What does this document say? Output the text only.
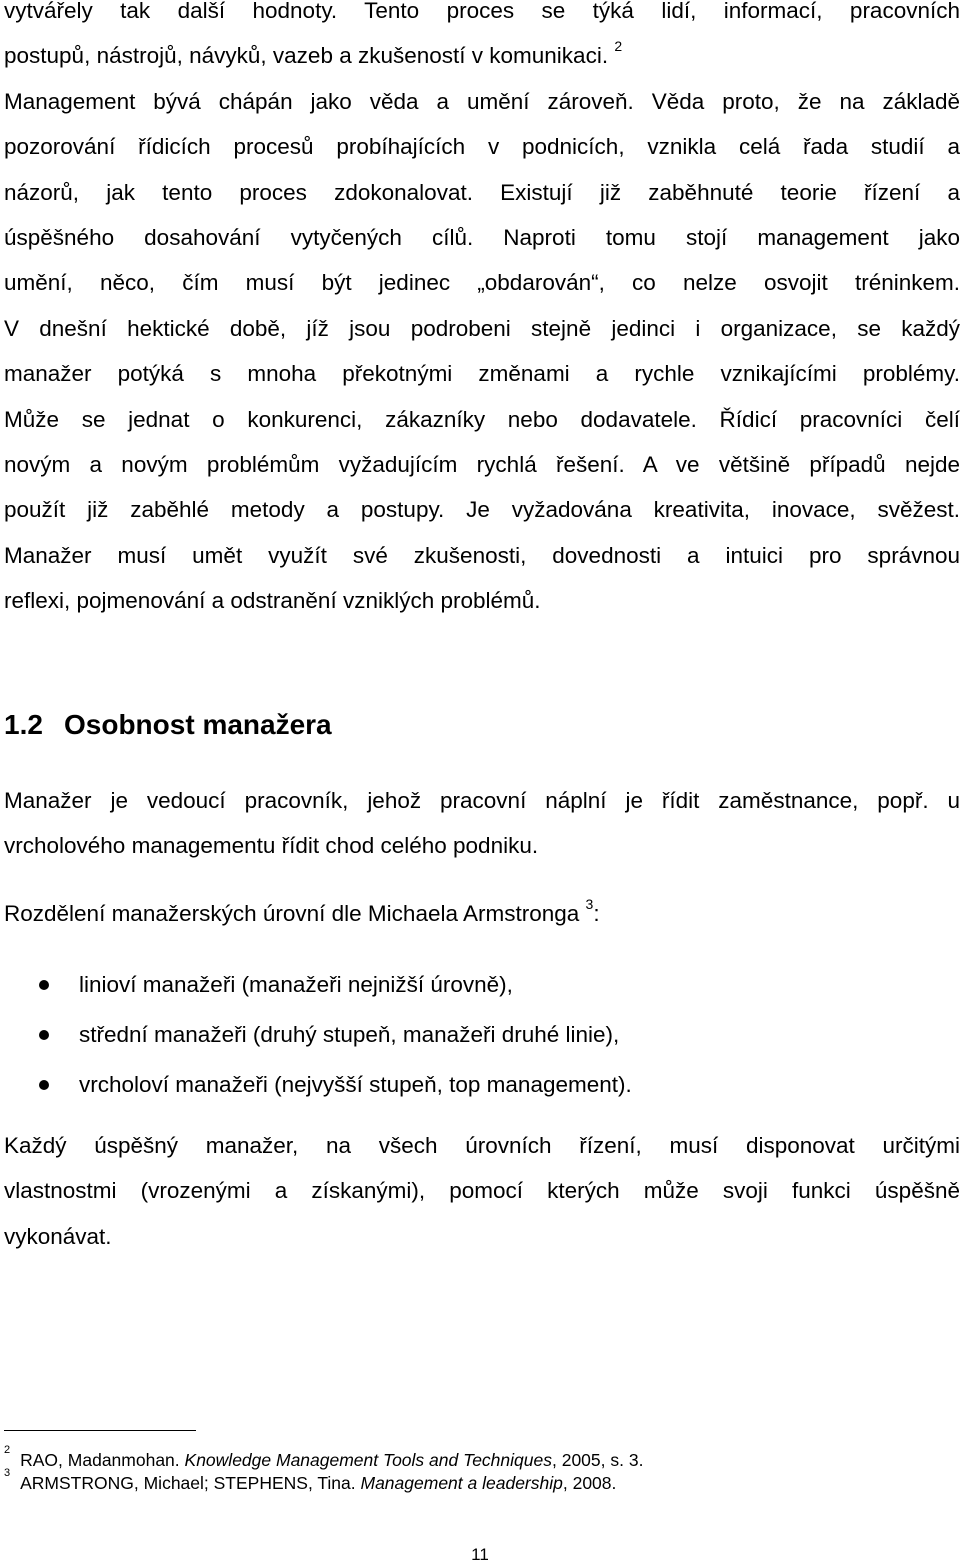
vytvářely tak další hodnoty. Tento proces se týká lidí, informací, pracovních
postupů, nástrojů, návyků, vazeb a zkušeností v komunikaci. $^2$
Management bývá chápán jako věda a umění zároveň. Věda proto, že na základě
pozorování řídicích procesů probíhajících v podnicích, vznikla celá řada studií a
názorů, jak tento proces zdokonalovat. Existují již zaběhnuté teorie řízení a
úspěšného dosahování vytyčených cílů. Naproti tomu stojí management jako
umění, něco, čím musí být jedinec „obdarován“, co nelze osvojit tréninkem.
V dnešní hektické době, jíž jsou podrobeni stejně jedinci i organizace, se každý
manažer potýká s mnoha překotnými změnami a rychle vznikajícími problémy.
Může se jednat o konkurenci, zákazníky nebo dodavatele. Řídicí pracovníci čelí
novým a novým problémům vyžadujícím rychlá řešení. A ve většině případů nejde
použít již zaběhlé metody a postupy. Je vyžadována kreativita, inovace, svěžest.
Manažer musí umět využít své zkušenosti, dovednosti a intuici pro správnou
reflexi, pojmenování a odstranění vzniklých problémů.
1.2 Osobnost manažera
Manažer je vedoucí pracovník, jehož pracovní náplní je řídit zaměstnance, popř. u
vrcholového managementu řídit chod celého podniku.
Rozdělení manažerských úrovní dle Michaela Armstronga $^3$:
linioví manažeři (manažeři nejnižší úrovně),
střední manažeři (druhý stupeň, manažeři druhé linie),
vrcholoví manažeři (nejvyšší stupeň, top management).
Každý úspěšný manažer, na všech úrovních řízení, musí disponovat určitými
vlastnostmi (vrozenými a získanými), pomocí kterých může svoji funkci úspěšně
vykonávat.

$^2$ RAO, Madanmohan. Knowledge Management Tools and Techniques, 2005, s. 3.

$^3$ ARMSTRONG, Michael; STEPHENS, Tina. Management a leadership, 2008.

11
